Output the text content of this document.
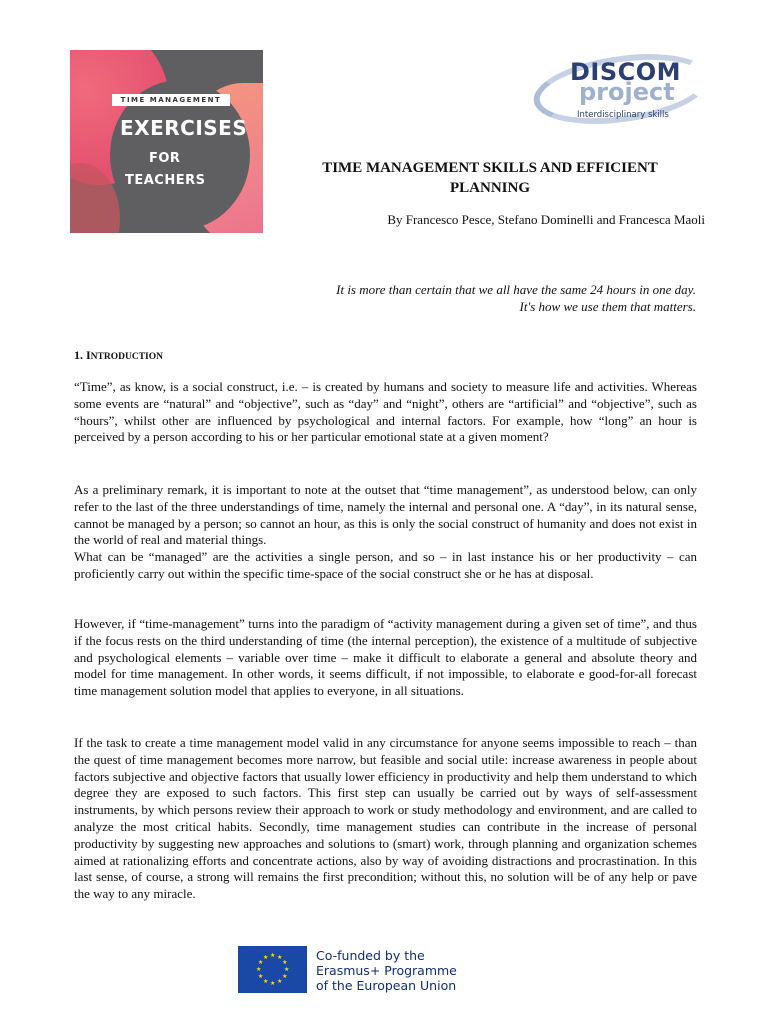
TIME MANAGEMENT
EXERCISES
FOR
TEACHERS
DISCOM
project
Interdisciplinary skills
TIME MANAGEMENT SKILLS AND EFFICIENT
PLANNING
By Francesco Pesce, Stefano Dominelli and Francesca Maoli
It is more than certain that we all have the same 24 hours in one day.
It's how we use them that matters.
1. INTRODUCTION

“Time”, as know, is a social construct, i.e. – is created by humans and society to measure life and activities. Whereas some events are “natural” and “objective”, such as “day” and “night”, others are “artificial” and “objective”, such as “hours”, whilst other are influenced by psychological and internal factors. For example, how “long” an hour is perceived by a person according to his or her particular emotional state at a given moment?

As a preliminary remark, it is important to note at the outset that “time management”, as understood below, can only refer to the last of the three understandings of time, namely the internal and personal one. A “day”, in its natural sense, cannot be managed by a person; so cannot an hour, as this is only the social construct of humanity and does not exist in the world of real and material things.

What can be “managed” are the activities a single person, and so – in last instance his or her productivity – can proficiently carry out within the specific time-space of the social construct she or he has at disposal.

However, if “time-management” turns into the paradigm of “activity management during a given set of time”, and thus if the focus rests on the third understanding of time (the internal perception), the existence of a multitude of subjective and psychological elements – variable over time – make it difficult to elaborate a general and absolute theory and model for time management. In other words, it seems difficult, if not impossible, to elaborate e good-for-all forecast time management solution model that applies to everyone, in all situations.

If the task to create a time management model valid in any circumstance for anyone seems impossible to reach – than the quest of time management becomes more narrow, but feasible and social utile: increase awareness in people about factors subjective and objective factors that usually lower efficiency in productivity and help them understand to which degree they are exposed to such factors. This first step can usually be carried out by ways of self-assessment instruments, by which persons review their approach to work or study methodology and environment, and are called to analyze the most critical habits. Secondly, time management studies can contribute in the increase of personal productivity by suggesting new approaches and solutions to (smart) work, through planning and organization schemes aimed at rationalizing efforts and concentrate actions, also by way of avoiding distractions and procrastination. In this last sense, of course, a strong will remains the first precondition; without this, no solution will be of any help or pave the way to any miracle.

★ ★
★
★
★
★
★
★
★
★
★
★	Co-funded by the
Erasmus+ Programme
of the European Union
